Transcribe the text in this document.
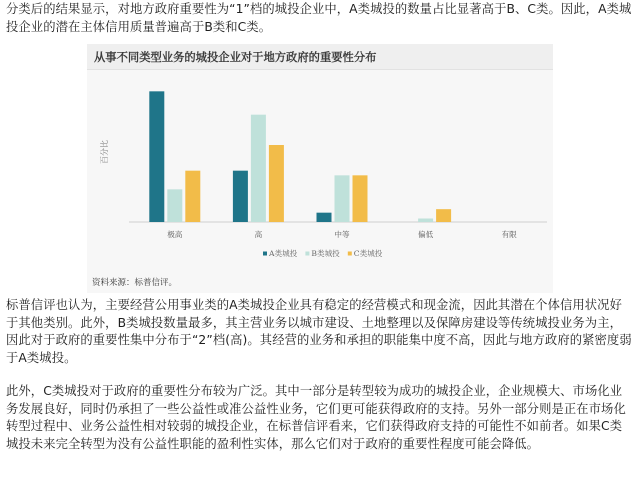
分类后的结果显示，对地方政府重要性为“1”档的城投企业中，A类城投的数量占比显著高于B、C类。因此，A类城投企业的潜在主体信用质量普遍高于B类和C类。

从事不同类型业务的城投企业对于地方政府的重要性分布
百分比
极高	高	中等	偏低	有限
A类城投 B类城投 C类城投
资料来源：标普信评。

标普信评也认为，主要经营公用事业类的A类城投企业具有稳定的经营模式和现金流，因此其潜在个体信用状况好于其他类别。此外，B类城投数量最多，其主营业务以城市建设、土地整理以及保障房建设等传统城投业务为主，因此对于政府的重要性集中分布于“2”档(高)。其经营的业务和承担的职能集中度不高，因此与地方政府的紧密度弱于A类城投。

此外，C类城投对于政府的重要性分布较为广泛。其中一部分是转型较为成功的城投企业，企业规模大、市场化业务发展良好，同时仍承担了一些公益性或准公益性业务，它们更可能获得政府的支持。另外一部分则是正在市场化转型过程中、业务公益性相对较弱的城投企业，在标普信评看来，它们获得政府支持的可能性不如前者。如果C类城投未来完全转型为没有公益性职能的盈利性实体，那么它们对于政府的重要性程度可能会降低。
